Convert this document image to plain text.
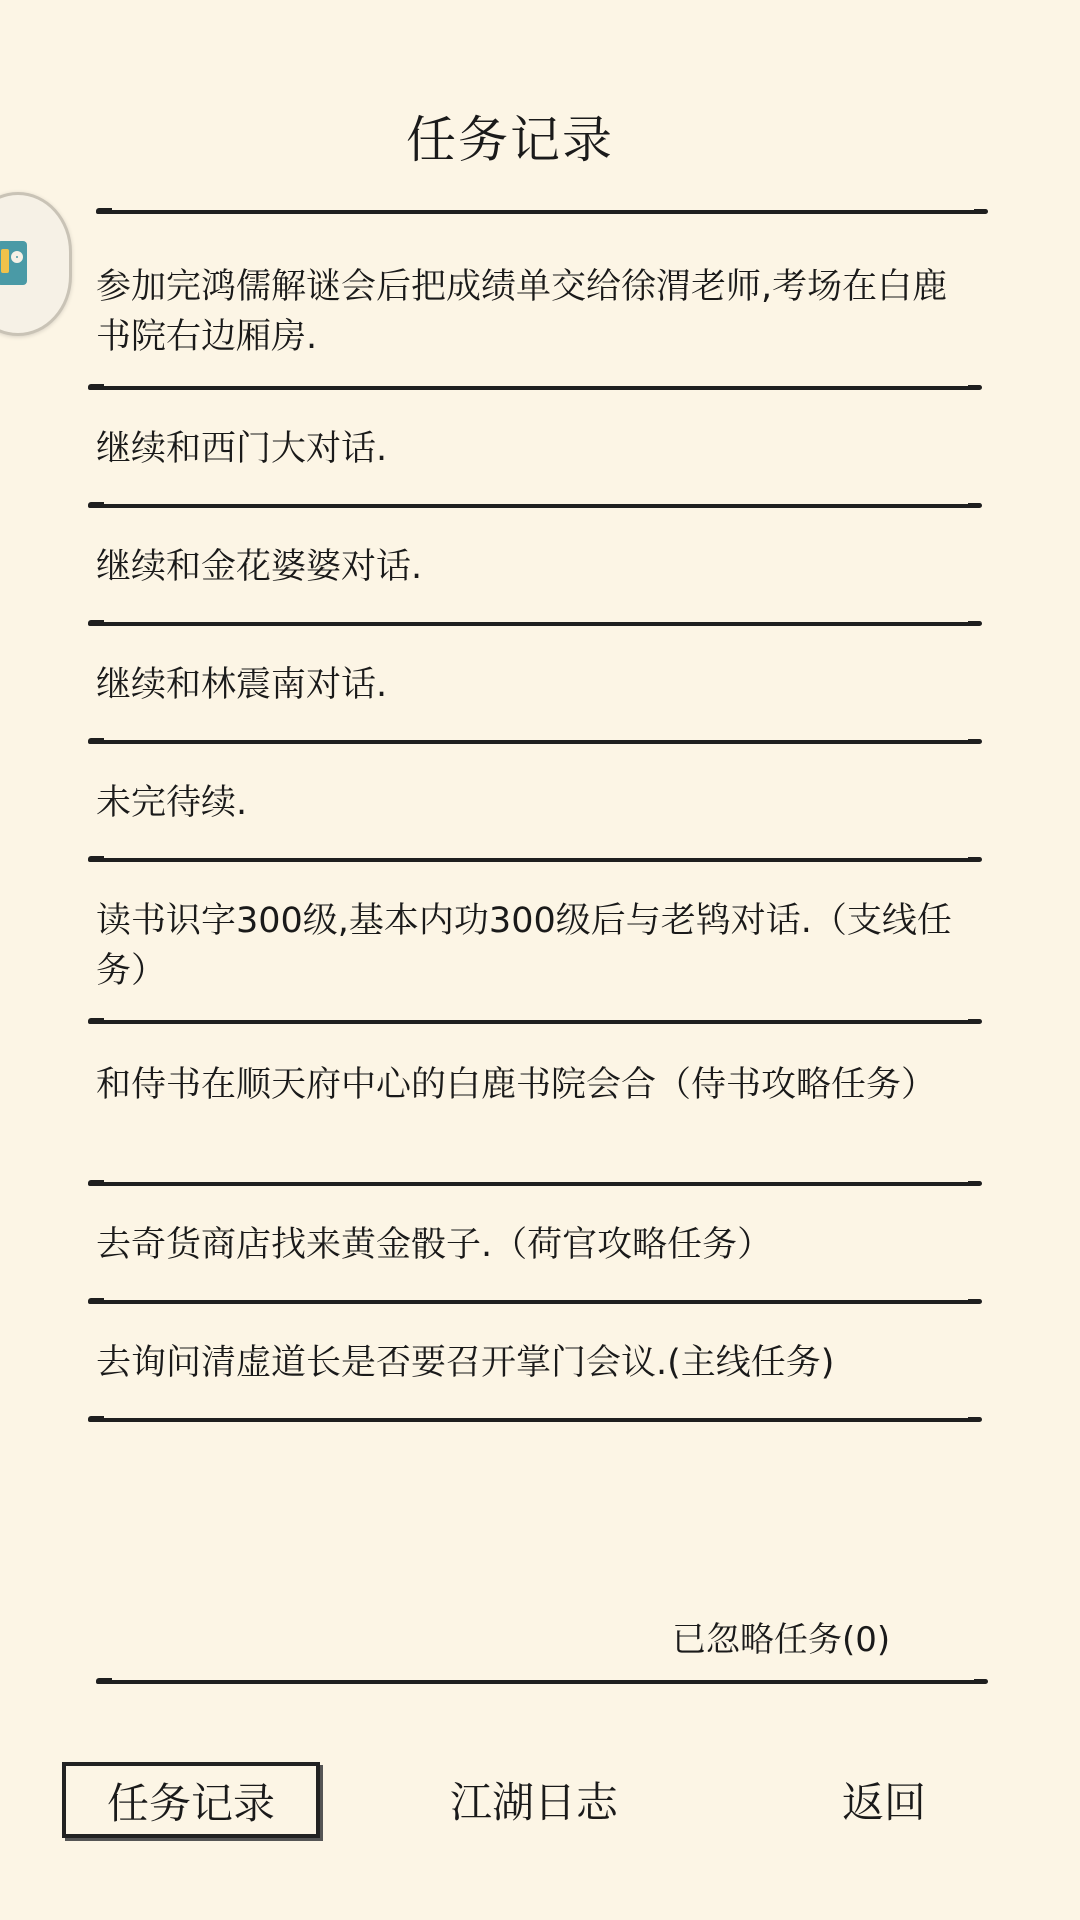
任务记录
参加完鸿儒解谜会后把成绩单交给徐渭老师,考场在白鹿书院右边厢房.
继续和西门大对话.
继续和金花婆婆对话.
继续和林震南对话.
未完待续.
读书识字300级,基本内功300级后与老鸨对话.（支线任务）
和侍书在顺天府中心的白鹿书院会合（侍书攻略任务）
去奇货商店找来黄金骰子.（荷官攻略任务）
去询问清虚道长是否要召开掌门会议.(主线任务)
已忽略任务(0)
任务记录	江湖日志	返回
